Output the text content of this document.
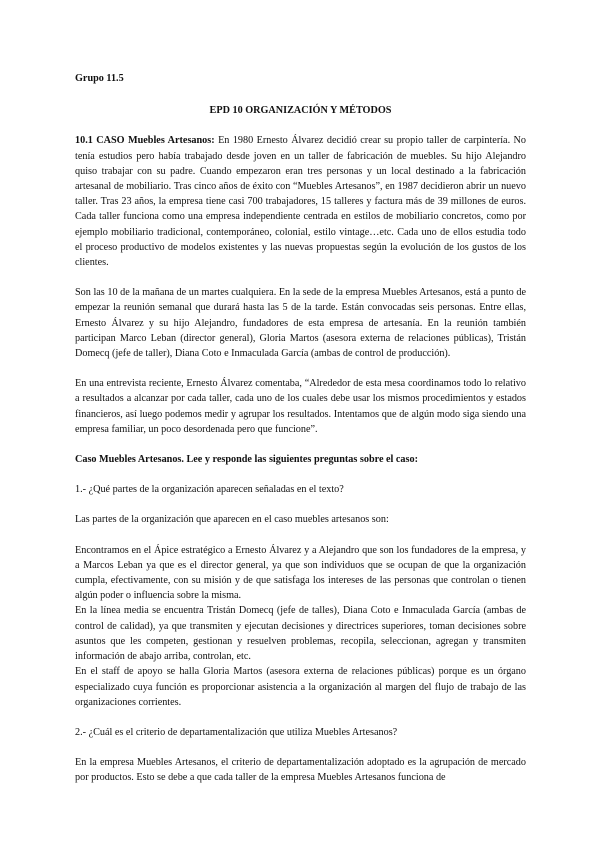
Grupo 11.5

EPD 10 ORGANIZACIÓN Y MÉTODOS

10.1 CASO Muebles Artesanos: En 1980 Ernesto Álvarez decidió crear su propio taller de carpintería. No tenía estudios pero había trabajado desde joven en un taller de fabricación de muebles. Su hijo Alejandro quiso trabajar con su padre. Cuando empezaron eran tres personas y un local destinado a la fabricación artesanal de mobiliario. Tras cinco años de éxito con “Muebles Artesanos”, en 1987 decidieron abrir un nuevo taller. Tras 23 años, la empresa tiene casi 700 trabajadores, 15 talleres y factura más de 39 millones de euros. Cada taller funciona como una empresa independiente centrada en estilos de mobiliario concretos, como por ejemplo mobiliario tradicional, contemporáneo, colonial, estilo vintage…etc. Cada uno de ellos estudia todo el proceso productivo de modelos existentes y las nuevas propuestas según la evolución de los gustos de los clientes.

Son las 10 de la mañana de un martes cualquiera. En la sede de la empresa Muebles Artesanos, está a punto de empezar la reunión semanal que durará hasta las 5 de la tarde. Están convocadas seis personas. Entre ellas, Ernesto Álvarez y su hijo Alejandro, fundadores de esta empresa de artesanía. En la reunión también participan Marco Leban (director general), Gloria Martos (asesora externa de relaciones públicas), Tristán Domecq (jefe de taller), Diana Coto e Inmaculada García (ambas de control de producción).

En una entrevista reciente, Ernesto Álvarez comentaba, “Alrededor de esta mesa coordinamos todo lo relativo a resultados a alcanzar por cada taller, cada uno de los cuales debe usar los mismos procedimientos y estados financieros, así luego podemos medir y agrupar los resultados. Intentamos que de algún modo siga siendo una empresa familiar, un poco desordenada pero que funcione”.

Caso Muebles Artesanos. Lee y responde las siguientes preguntas sobre el caso:

1.- ¿Qué partes de la organización aparecen señaladas en el texto?

Las partes de la organización que aparecen en el caso muebles artesanos son:

Encontramos en el Ápice estratégico a Ernesto Álvarez y a Alejandro que son los fundadores de la empresa, y a Marcos Leban ya que es el director general, ya que son individuos que se ocupan de que la organización cumpla, efectivamente, con su misión y de que satisfaga los intereses de las personas que controlan o tienen algún poder o influencia sobre la misma.

En la línea media se encuentra Tristán Domecq (jefe de talles), Diana Coto e Inmaculada García (ambas de control de calidad), ya que transmiten y ejecutan decisiones y directrices superiores, toman decisiones sobre asuntos que les competen, gestionan y resuelven problemas, recopila, seleccionan, agregan y transmiten información de abajo arriba, controlan, etc.

En el staff de apoyo se halla Gloria Martos (asesora externa de relaciones públicas) porque es un órgano especializado cuya función es proporcionar asistencia a la organización al margen del flujo de trabajo de las organizaciones corrientes.

2.- ¿Cuál es el criterio de departamentalización que utiliza Muebles Artesanos?

En la empresa Muebles Artesanos, el criterio de departamentalización adoptado es la agrupación de mercado por productos. Esto se debe a que cada taller de la empresa Muebles Artesanos funciona de
